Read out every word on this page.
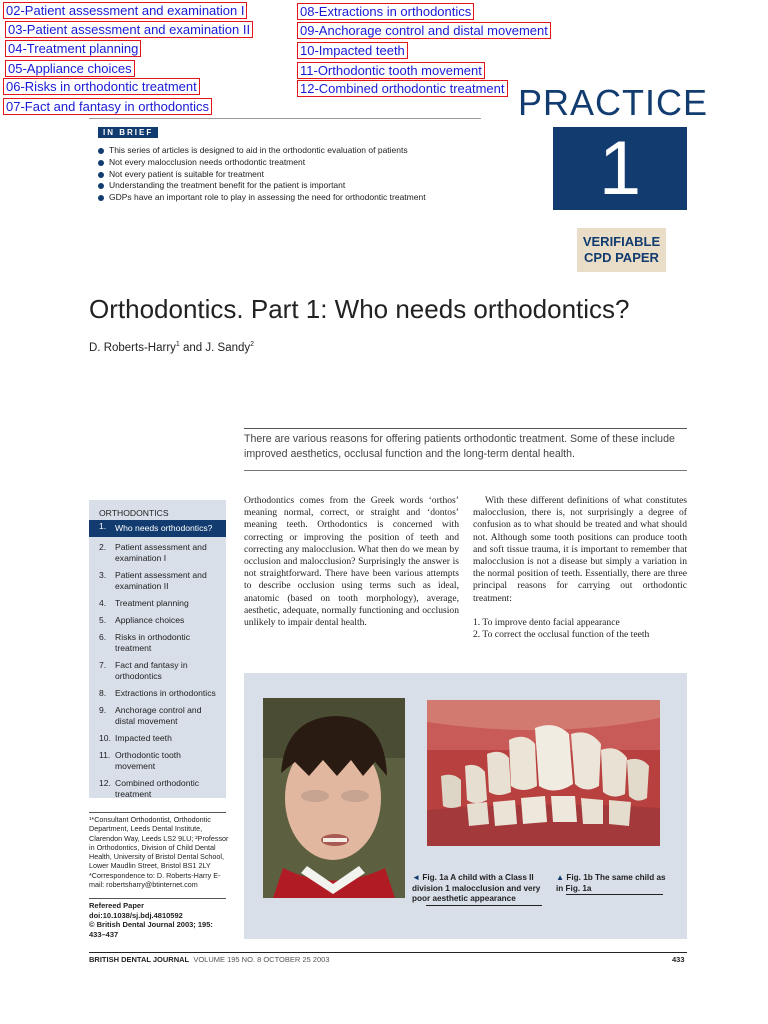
02-Patient assessment and examination I
03-Patient assessment and examination II
04-Treatment planning
05-Appliance choices
06-Risks in orthodontic treatment
07-Fact and fantasy in orthodontics
08-Extractions in orthodontics
09-Anchorage control and distal movement
10-Impacted teeth
11-Orthodontic tooth movement
12-Combined orthodontic treatment PRACTICE
1
VERIFIABLE
CPD PAPER
IN BRIEF
This series of articles is designed to aid in the orthodontic evaluation of patients
Not every malocclusion needs orthodontic treatment
Not every patient is suitable for treatment
Understanding the treatment benefit for the patient is important
GDPs have an important role to play in assessing the need for orthodontic treatment
Orthodontics. Part 1: Who needs orthodontics?
D. Roberts-Harry$^1$ and J. Sandy$^2$
There are various reasons for offering patients orthodontic treatment. Some of these include improved aesthetics, occlusal function and the long-term dental health.
ORTHODONTICS
1. Who needs orthodontics?
2. Patient assessment and examination I
3. Patient assessment and examination II
4. Treatment planning
5. Appliance choices
6. Risks in orthodontic treatment
7. Fact and fantasy in orthodontics
8. Extractions in orthodontics
9. Anchorage control and distal movement
10. Impacted teeth
11. Orthodontic tooth movement
12. Combined orthodontic treatment
¹*Consultant Orthodontist, Orthodontic Department, Leeds Dental Institute, Clarendon Way, Leeds LS2 9LU; ²Professor in Orthodontics, Division of Child Dental Health, University of Bristol Dental School, Lower Maudlin Street, Bristol BS1 2LY *Correspondence to: D. Roberts-Harry E-mail: robertsharry@btinternet.com
Refereed Paper
doi:10.1038/sj.bdj.4810592
© British Dental Journal 2003; 195: 433–437

Orthodontics comes from the Greek words ‘orthos’ meaning normal, correct, or straight and ‘dontos’ meaning teeth. Orthodontics is concerned with correcting or improving the position of teeth and correcting any malocclusion. What then do we mean by occlusion and malocclusion? Surprisingly the answer is not straightforward. There have been various attempts to describe occlusion using terms such as ideal, anatomic (based on tooth morphology), average, aesthetic, adequate, normally functioning and occlusion unlikely to impair dental health.

With these different definitions of what constitutes malocclusion, there is, not surprisingly a degree of confusion as to what should be treated and what should not. Although some tooth positions can produce tooth and soft tissue trauma, it is important to remember that malocclusion is not a disease but simply a variation in the normal position of teeth. Essentially, there are three principal reasons for carrying out orthodontic treatment:

1. To improve dento facial appearance

2. To correct the occlusal function of the teeth

◄ Fig. 1a A child with a Class II division 1 malocclusion and very poor aesthetic appearance
▲ Fig. 1b The same child as in Fig. 1a
BRITISH DENTAL JOURNAL VOLUME 195 NO. 8 OCTOBER 25 2003	433
